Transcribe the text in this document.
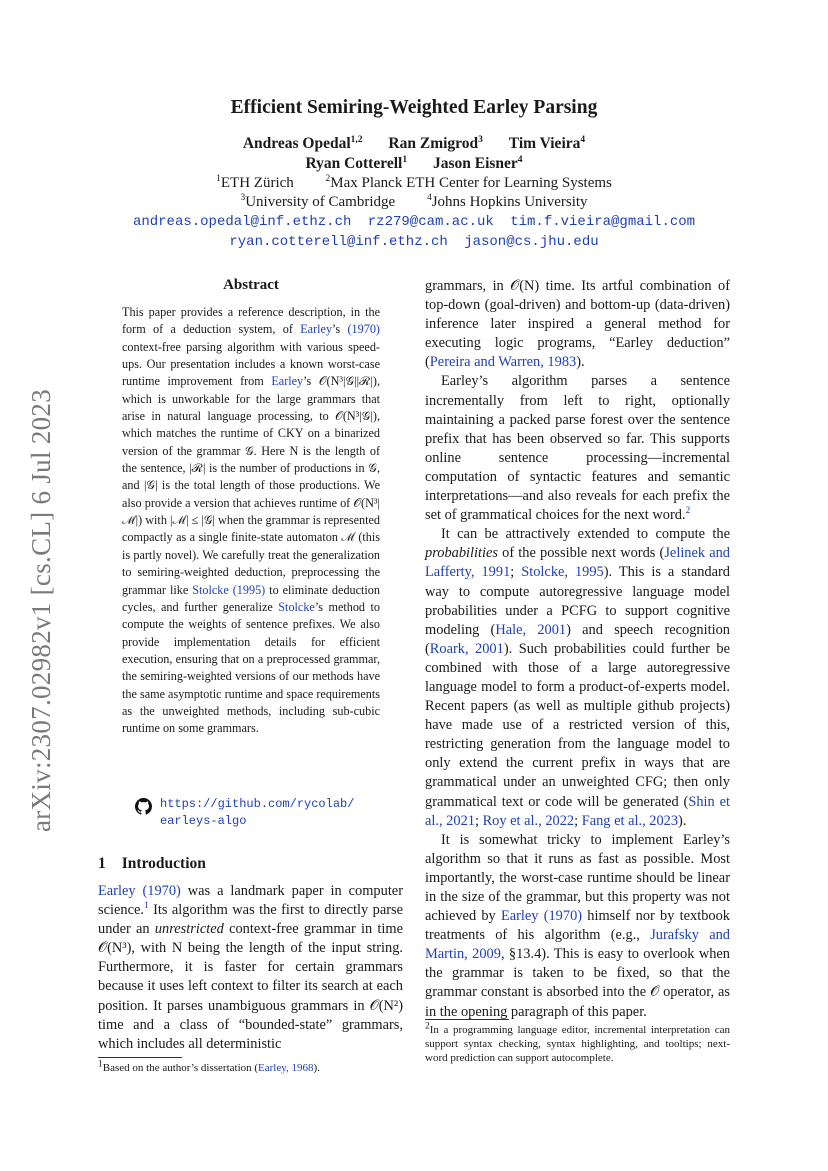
arXiv:2307.02982v1 [cs.CL] 6 Jul 2023
Efficient Semiring-Weighted Earley Parsing
Andreas Opedal$^{1,2}$ Ran Zmigrod$^3$ Tim Vieira$^4$
Ryan Cotterell$^1$ Jason Eisner$^4$
$^1$ETH Zürich	$^2$Max Planck ETH Center for Learning Systems
$^3$University of Cambridge	$^4$Johns Hopkins University
andreas.opedal@inf.ethz.ch rz279@cam.ac.uk tim.f.vieira@gmail.com
ryan.cotterell@inf.ethz.ch jason@cs.jhu.edu
Abstract

This paper provides a reference description, in the form of a deduction system, of Earley’s (1970) context-free parsing algorithm with various speed-ups. Our presentation includes a known worst-case runtime improvement from Earley’s 𝒪(N³|𝒢||ℛ|), which is unworkable for the large grammars that arise in natural language processing, to 𝒪(N³|𝒢|), which matches the runtime of CKY on a binarized version of the grammar 𝒢. Here N is the length of the sentence, |ℛ| is the number of productions in 𝒢, and |𝒢| is the total length of those productions. We also provide a version that achieves runtime of 𝒪(N³|ℳ|) with |ℳ| ≤ |𝒢| when the grammar is represented compactly as a single finite-state automaton ℳ (this is partly novel). We carefully treat the generalization to semiring-weighted deduction, preprocessing the grammar like Stolcke (1995) to eliminate deduction cycles, and further generalize Stolcke’s method to compute the weights of sentence prefixes. We also provide implementation details for efficient execution, ensuring that on a preprocessed grammar, the semiring-weighted versions of our methods have the same asymptotic runtime and space requirements as the unweighted methods, including sub-cubic runtime on some grammars.

https://github.com/rycolab/
earleys-algo
1 Introduction

Earley (1970) was a landmark paper in computer science.$^1$ Its algorithm was the first to directly parse under an unrestricted context-free grammar in time 𝒪(N³), with N being the length of the input string. Furthermore, it is faster for certain grammars because it uses left context to filter its search at each position. It parses unambiguous grammars in 𝒪(N²) time and a class of “bounded-state” grammars, which includes all deterministic

$^1$Based on the author’s dissertation (Earley, 1968).

grammars, in 𝒪(N) time. Its artful combination of top-down (goal-driven) and bottom-up (data-driven) inference later inspired a general method for executing logic programs, “Earley deduction” (Pereira and Warren, 1983).

Earley’s algorithm parses a sentence incrementally from left to right, optionally maintaining a packed parse forest over the sentence prefix that has been observed so far. This supports online sentence processing—incremental computation of syntactic features and semantic interpretations—and also reveals for each prefix the set of grammatical choices for the next word.$^2$

It can be attractively extended to compute the probabilities of the possible next words (Jelinek and Lafferty, 1991; Stolcke, 1995). This is a standard way to compute autoregressive language model probabilities under a PCFG to support cognitive modeling (Hale, 2001) and speech recognition (Roark, 2001). Such probabilities could further be combined with those of a large autoregressive language model to form a product-of-experts model. Recent papers (as well as multiple github projects) have made use of a restricted version of this, restricting generation from the language model to only extend the current prefix in ways that are grammatical under an unweighted CFG; then only grammatical text or code will be generated (Shin et al., 2021; Roy et al., 2022; Fang et al., 2023).

It is somewhat tricky to implement Earley’s algorithm so that it runs as fast as possible. Most importantly, the worst-case runtime should be linear in the size of the grammar, but this property was not achieved by Earley (1970) himself nor by textbook treatments of his algorithm (e.g., Jurafsky and Martin, 2009, §13.4). This is easy to overlook when the grammar is taken to be fixed, so that the grammar constant is absorbed into the 𝒪 operator, as in the opening paragraph of this paper.

$^2$In a programming language editor, incremental interpretation can support syntax checking, syntax highlighting, and tooltips; next-word prediction can support autocomplete.
